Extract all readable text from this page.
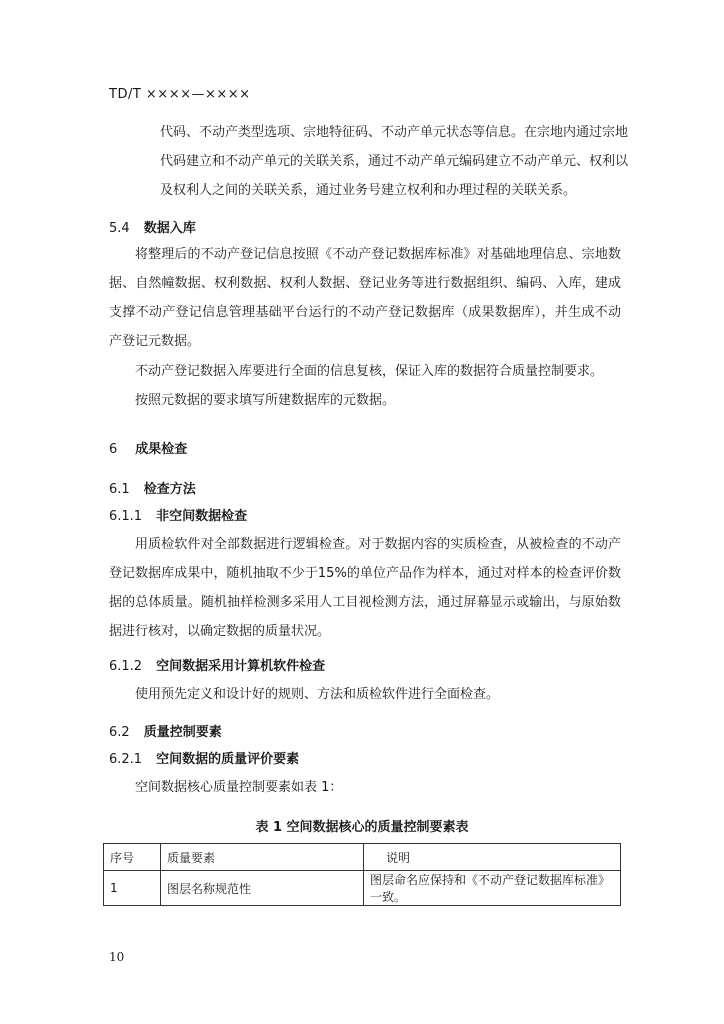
TD/T ××××—××××
代码、不动产类型选项、宗地特征码、不动产单元状态等信息。在宗地内通过宗地
代码建立和不动产单元的关联关系，通过不动产单元编码建立不动产单元、权利以
及权利人之间的关联关系，通过业务号建立权利和办理过程的关联关系。
5.4 数据入库
将整理后的不动产登记信息按照《不动产登记数据库标准》对基础地理信息、宗地数据、自然幢数据、权利数据、权利人数据、登记业务等进行数据组织、编码、入库，建成支撑不动产登记信息管理基础平台运行的不动产登记数据库（成果数据库），并生成不动产登记元数据。
不动产登记数据入库要进行全面的信息复核，保证入库的数据符合质量控制要求。
按照元数据的要求填写所建数据库的元数据。
6 成果检查
6.1 检查方法
6.1.1 非空间数据检查
用质检软件对全部数据进行逻辑检查。对于数据内容的实质检查，从被检查的不动产登记数据库成果中，随机抽取不少于15%的单位产品作为样本，通过对样本的检查评价数据的总体质量。随机抽样检测多采用人工目视检测方法，通过屏幕显示或输出，与原始数据进行核对，以确定数据的质量状况。
6.1.2 空间数据采用计算机软件检查
使用预先定义和设计好的规则、方法和质检软件进行全面检查。
6.2 质量控制要素
6.2.1 空间数据的质量评价要素
空间数据核心质量控制要素如表 1：
表 1 空间数据核心的质量控制要素表
序号	质量要素	说明
1	图层名称规范性	图层命名应保持和《不动产登记数据库标准》一致。
10
